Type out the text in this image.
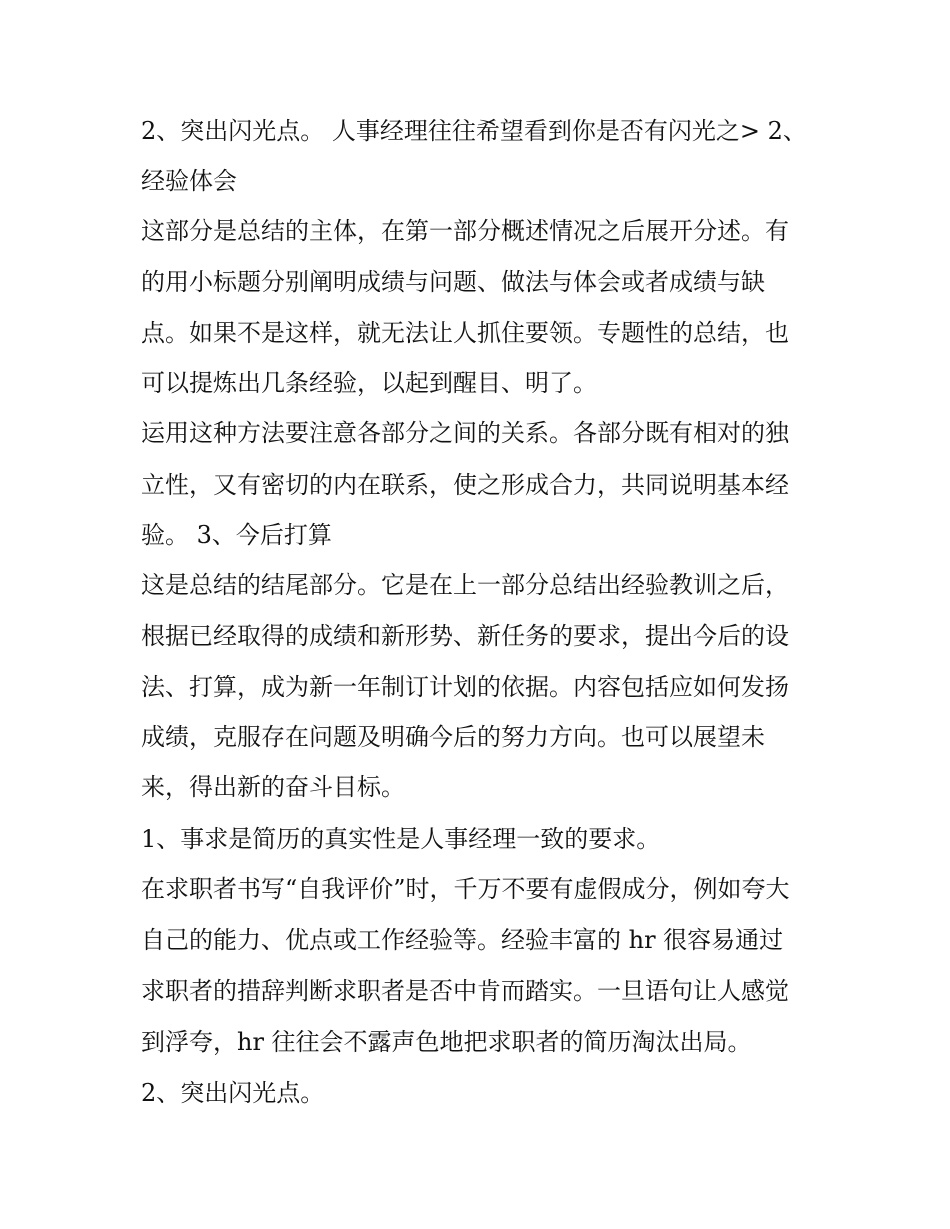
2、突出闪光点。 人事经理往往希望看到你是否有闪光之> 2、
经验体会
这部分是总结的主体，在第一部分概述情况之后展开分述。有
的用小标题分别阐明成绩与问题、做法与体会或者成绩与缺
点。如果不是这样，就无法让人抓住要领。专题性的总结，也
可以提炼出几条经验，以起到醒目、明了。
运用这种方法要注意各部分之间的关系。各部分既有相对的独
立性，又有密切的内在联系，使之形成合力，共同说明基本经
验。 3、今后打算
这是总结的结尾部分。它是在上一部分总结出经验教训之后，
根据已经取得的成绩和新形势、新任务的要求，提出今后的设
法、打算，成为新一年制订计划的依据。内容包括应如何发扬
成绩，克服存在问题及明确今后的努力方向。也可以展望未
来，得出新的奋斗目标。
1、事求是简历的真实性是人事经理一致的要求。
在求职者书写“自我评价”时，千万不要有虚假成分，例如夸大
自己的能力、优点或工作经验等。经验丰富的 hr 很容易通过
求职者的措辞判断求职者是否中肯而踏实。一旦语句让人感觉
到浮夸，hr 往往会不露声色地把求职者的简历淘汰出局。
2、突出闪光点。
